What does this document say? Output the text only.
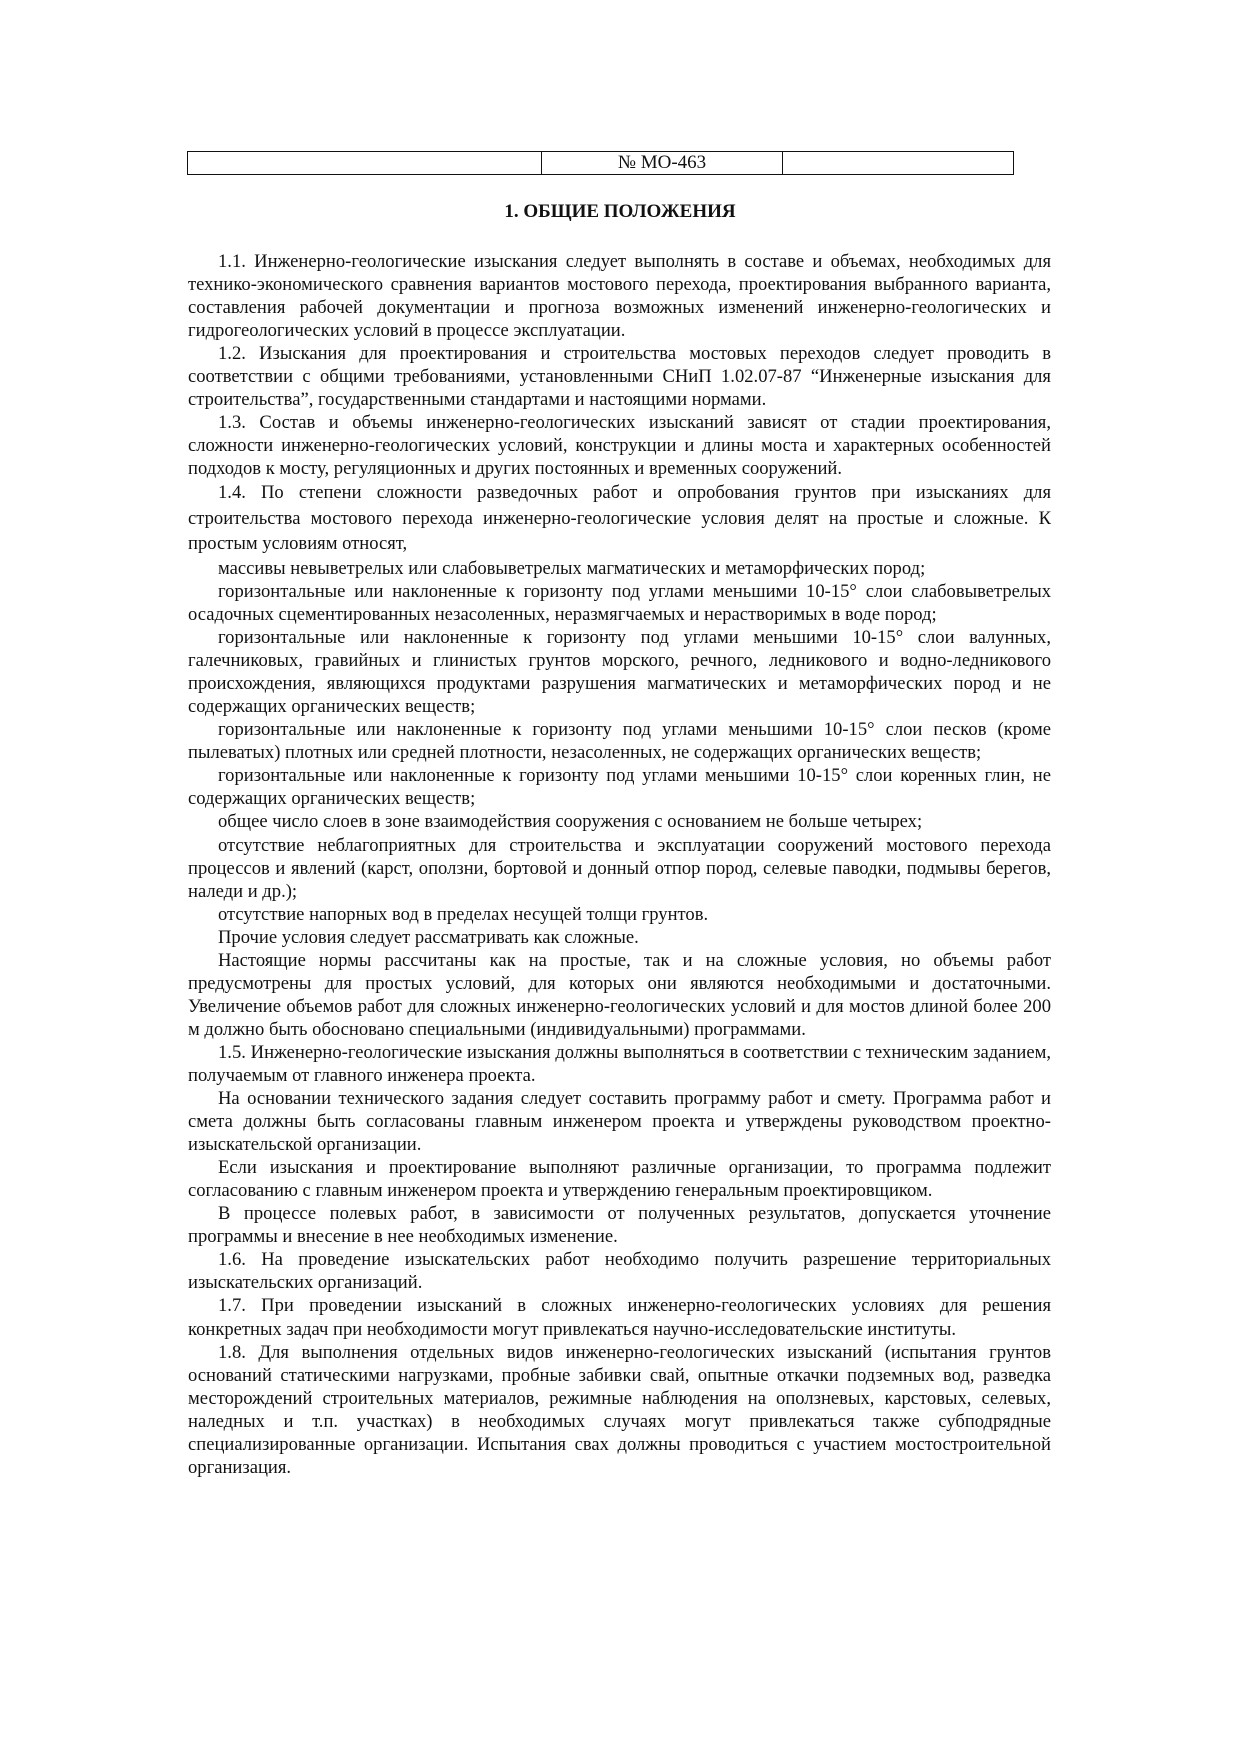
	№ МО-463	
1. ОБЩИЕ ПОЛОЖЕНИЯ

1.1. Инженерно-геологические изыскания следует выполнять в составе и объемах, необходимых для технико-экономического сравнения вариантов мостового перехода, проектирования выбранного варианта, составления рабочей документации и прогноза возможных изменений инженерно-геологических и гидрогеологических условий в процессе эксплуатации.

1.2. Изыскания для проектирования и строительства мостовых переходов следует проводить в соответствии с общими требованиями, установленными СНиП 1.02.07-87 “Инженерные изыскания для строительства”, государственными стандартами и настоящими нормами.

1.3. Состав и объемы инженерно-геологических изысканий зависят от стадии проектирования, сложности инженерно-геологических условий, конструкции и длины моста и характерных особенностей подходов к мосту, регуляционных и других постоянных и временных сооружений.

1.4. По степени сложности разведочных работ и опробования грунтов при изысканиях для строительства мостового перехода инженерно-геологические условия делят на простые и сложные. К простым условиям относят,

массивы невыветрелых или слабовыветрелых магматических и метаморфических пород;

горизонтальные или наклоненные к горизонту под углами меньшими 10-15° слои слабовыветрелых осадочных сцементированных незасоленных, неразмягчаемых и нерастворимых в воде пород;

горизонтальные или наклоненные к горизонту под углами меньшими 10-15° слои валунных, галечниковых, гравийных и глинистых грунтов морского, речного, ледникового и водно-ледникового происхождения, являющихся продуктами разрушения магматических и метаморфических пород и не содержащих органических веществ;

горизонтальные или наклоненные к горизонту под углами меньшими 10-15° слои песков (кроме пылеватых) плотных или средней плотности, незасоленных, не содержащих органических веществ;

горизонтальные или наклоненные к горизонту под углами меньшими 10-15° слои коренных глин, не содержащих органических веществ;

общее число слоев в зоне взаимодействия сооружения с основанием не больше четырех;

отсутствие неблагоприятных для строительства и эксплуатации сооружений мостового перехода процессов и явлений (карст, оползни, бортовой и донный отпор пород, селевые паводки, подмывы берегов, наледи и др.);

отсутствие напорных вод в пределах несущей толщи грунтов.

Прочие условия следует рассматривать как сложные.

Настоящие нормы рассчитаны как на простые, так и на сложные условия, но объемы работ предусмотрены для простых условий, для которых они являются необходимыми и достаточными. Увеличение объемов работ для сложных инженерно-геологических условий и для мостов длиной более 200 м должно быть обосновано специальными (индивидуальными) программами.

1.5. Инженерно-геологические изыскания должны выполняться в соответствии с техническим заданием, получаемым от главного инженера проекта.

На основании технического задания следует составить программу работ и смету. Программа работ и смета должны быть согласованы главным инженером проекта и утверждены руководством проектно-изыскательской организации.

Если изыскания и проектирование выполняют различные организации, то программа подлежит согласованию с главным инженером проекта и утверждению генеральным проектировщиком.

В процессе полевых работ, в зависимости от полученных результатов, допускается уточнение программы и внесение в нее необходимых изменение.

1.6. На проведение изыскательских работ необходимо получить разрешение территориальных изыскательских организаций.

1.7. При проведении изысканий в сложных инженерно-геологических условиях для решения конкретных задач при необходимости могут привлекаться научно-исследовательские институты.

1.8. Для выполнения отдельных видов инженерно-геологических изысканий (испытания грунтов оснований статическими нагрузками, пробные забивки свай, опытные откачки подземных вод, разведка месторождений строительных материалов, режимные наблюдения на оползневых, карстовых, селевых, наледных и т.п. участках) в необходимых случаях могут привлекаться также субподрядные специализированные организации. Испытания свах должны проводиться с участием мостостроительной организация.
